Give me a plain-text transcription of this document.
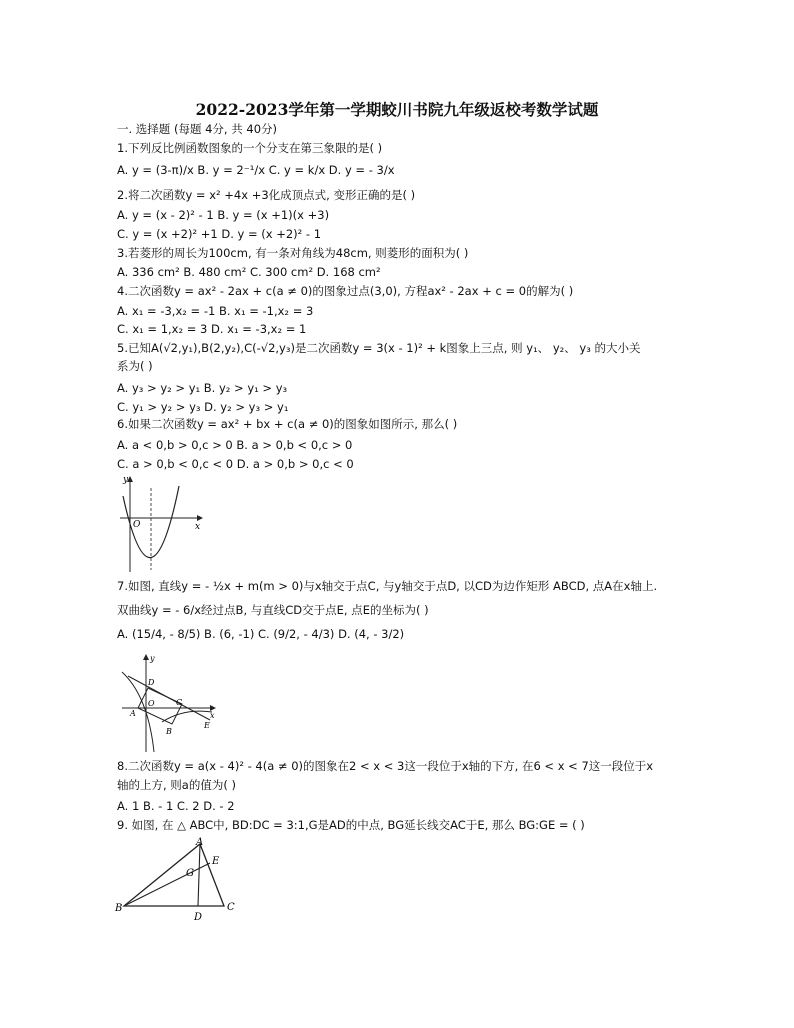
2022-2023学年第一学期蛟川书院九年级返校考数学试题
一. 选择题 (每题 4分, 共 40分)
1.下列反比例函数图象的一个分支在第三象限的是( )
A. y = (3-π)/x B. y = 2⁻¹/x C. y = k/x D. y = - 3/x
2.将二次函数y = x² +4x +3化成顶点式, 变形正确的是( )
A. y = (x - 2)² - 1 B. y = (x +1)(x +3)
C. y = (x +2)² +1 D. y = (x +2)² - 1
3.若菱形的周长为100cm, 有一条对角线为48cm, 则菱形的面积为( )
A. 336 cm² B. 480 cm² C. 300 cm² D. 168 cm²
4.二次函数y = ax² - 2ax + c(a ≠ 0)的图象过点(3,0), 方程ax² - 2ax + c = 0的解为( )
A. x₁ = -3,x₂ = -1 B. x₁ = -1,x₂ = 3
C. x₁ = 1,x₂ = 3 D. x₁ = -3,x₂ = 1
5.已知A(√2,y₁),B(2,y₂),C(-√2,y₃)是二次函数y = 3(x - 1)² + k图象上三点, 则 y₁、 y₂、 y₃ 的大小关
系为( )
A. y₃ > y₂ > y₁ B. y₂ > y₁ > y₃
C. y₁ > y₂ > y₃ D. y₂ > y₃ > y₁
6.如果二次函数y = ax² + bx + c(a ≠ 0)的图象如图所示, 那么( )
A. a < 0,b > 0,c > 0 B. a > 0,b < 0,c > 0
C. a > 0,b < 0,c < 0 D. a > 0,b > 0,c < 0
y
x
O
7.如图, 直线y = - ½x + m(m > 0)与x轴交于点C, 与y轴交于点D, 以CD为边作矩形 ABCD, 点A在x轴上.
双曲线y = - 6/x经过点B, 与直线CD交于点E, 点E的坐标为( )
A. (15/4, - 8/5) B. (6, -1) C. (9/2, - 4/3) D. (4, - 3/2)
y
x
O
A
B
C
D
E
8.二次函数y = a(x - 4)² - 4(a ≠ 0)的图象在2 < x < 3这一段位于x轴的下方, 在6 < x < 7这一段位于x
轴的上方, 则a的值为( )
A. 1 B. - 1 C. 2 D. - 2
9. 如图, 在 △ ABC中, BD:DC = 3:1,G是AD的中点, BG延长线交AC于E, 那么 BG:GE = ( )
B
A
C
D
E
G
